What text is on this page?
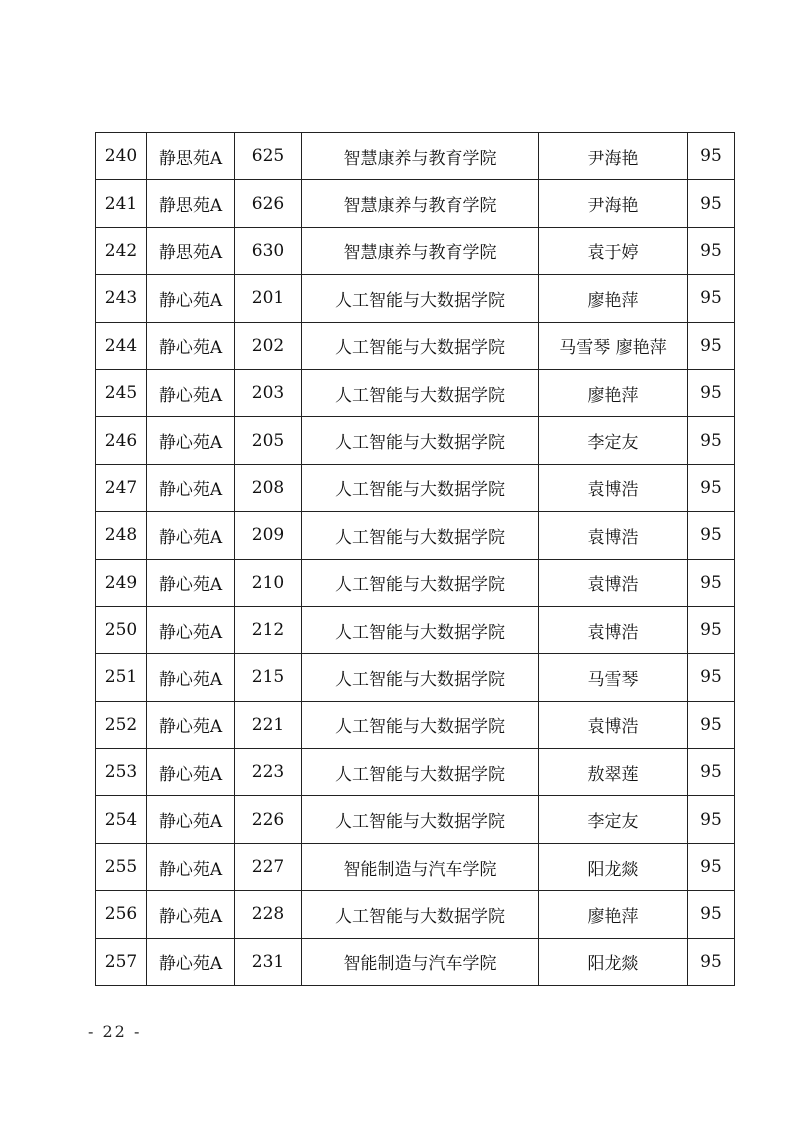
240	静思苑A	625	智慧康养与教育学院	尹海艳	95
241	静思苑A	626	智慧康养与教育学院	尹海艳	95
242	静思苑A	630	智慧康养与教育学院	袁于婷	95
243	静心苑A	201	人工智能与大数据学院	廖艳萍	95
244	静心苑A	202	人工智能与大数据学院	马雪琴 廖艳萍	95
245	静心苑A	203	人工智能与大数据学院	廖艳萍	95
246	静心苑A	205	人工智能与大数据学院	李定友	95
247	静心苑A	208	人工智能与大数据学院	袁博浩	95
248	静心苑A	209	人工智能与大数据学院	袁博浩	95
249	静心苑A	210	人工智能与大数据学院	袁博浩	95
250	静心苑A	212	人工智能与大数据学院	袁博浩	95
251	静心苑A	215	人工智能与大数据学院	马雪琴	95
252	静心苑A	221	人工智能与大数据学院	袁博浩	95
253	静心苑A	223	人工智能与大数据学院	敖翠莲	95
254	静心苑A	226	人工智能与大数据学院	李定友	95
255	静心苑A	227	智能制造与汽车学院	阳龙燚	95
256	静心苑A	228	人工智能与大数据学院	廖艳萍	95
257	静心苑A	231	智能制造与汽车学院	阳龙燚	95
- 22 -
